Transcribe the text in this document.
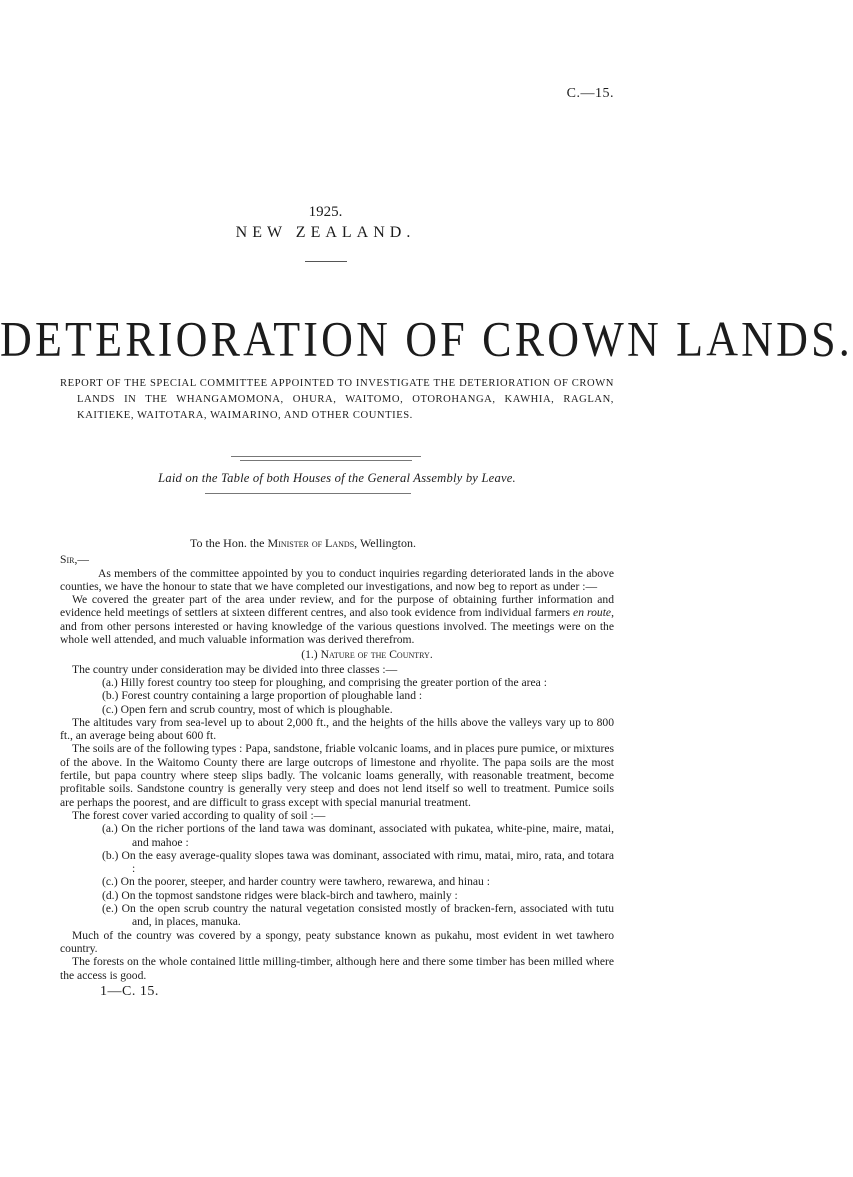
C.—15.
1925.
NEW ZEALAND.
DETERIORATION OF CROWN LANDS.

REPORT OF THE SPECIAL COMMITTEE APPOINTED TO INVESTIGATE THE DETERIORATION OF CROWN LANDS IN THE WHANGAMOMONA, OHURA, WAITOMO, OTOROHANGA, KAWHIA, RAGLAN, KAITIEKE, WAITOTARA, WAIMARINO, AND OTHER COUNTIES.

Laid on the Table of both Houses of the General Assembly by Leave.

To the Hon. the Minister of Lands, Wellington.

Sir,—

As members of the committee appointed by you to conduct inquiries regarding deteriorated lands in the above counties, we have the honour to state that we have completed our investigations, and now beg to report as under :—

We covered the greater part of the area under review, and for the purpose of obtaining further information and evidence held meetings of settlers at sixteen different centres, and also took evidence from individual farmers en route, and from other persons interested or having knowledge of the various questions involved. The meetings were on the whole well attended, and much valuable information was derived therefrom.

(1.) Nature of the Country.

The country under consideration may be divided into three classes :—

(a.) Hilly forest country too steep for ploughing, and comprising the greater portion of the area :

(b.) Forest country containing a large proportion of ploughable land :

(c.) Open fern and scrub country, most of which is ploughable.

The altitudes vary from sea-level up to about 2,000 ft., and the heights of the hills above the valleys vary up to 800 ft., an average being about 600 ft.

The soils are of the following types : Papa, sandstone, friable volcanic loams, and in places pure pumice, or mixtures of the above. In the Waitomo County there are large outcrops of limestone and rhyolite. The papa soils are the most fertile, but papa country where steep slips badly. The volcanic loams generally, with reasonable treatment, become profitable soils. Sandstone country is generally very steep and does not lend itself so well to treatment. Pumice soils are perhaps the poorest, and are difficult to grass except with special manurial treatment.

The forest cover varied according to quality of soil :—

(a.) On the richer portions of the land tawa was dominant, associated with pukatea, white-pine, maire, matai, and mahoe :

(b.) On the easy average-quality slopes tawa was dominant, associated with rimu, matai, miro, rata, and totara :

(c.) On the poorer, steeper, and harder country were tawhero, rewarewa, and hinau :

(d.) On the topmost sandstone ridges were black-birch and tawhero, mainly :

(e.) On the open scrub country the natural vegetation consisted mostly of bracken-fern, associated with tutu and, in places, manuka.

Much of the country was covered by a spongy, peaty substance known as pukahu, most evident in wet tawhero country.

The forests on the whole contained little milling-timber, although here and there some timber has been milled where the access is good.

1—C. 15.
